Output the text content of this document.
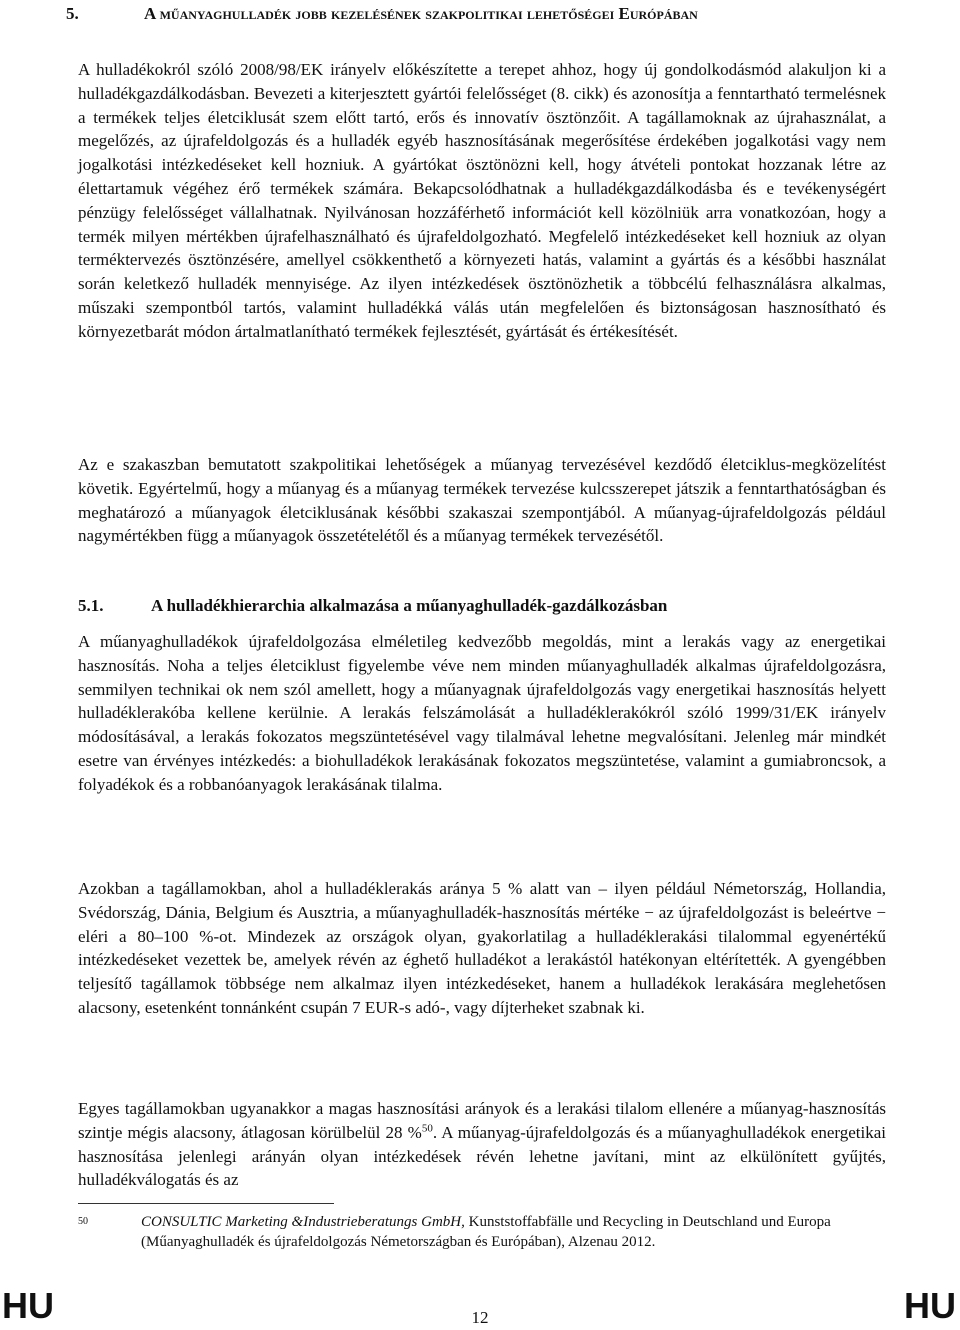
5.	A műanyaghulladék jobb kezelésének szakpolitikai lehetőségei Európában

A hulladékokról szóló 2008/98/EK irányelv előkészítette a terepet ahhoz, hogy új gondolkodásmód alakuljon ki a hulladékgazdálkodásban. Bevezeti a kiterjesztett gyártói felelősséget (8. cikk) és azonosítja a fenntartható termelésnek a termékek teljes életciklusát szem előtt tartó, erős és innovatív ösztönzőit. A tagállamoknak az újrahasználat, a megelőzés, az újrafeldolgozás és a hulladék egyéb hasznosításának megerősítése érdekében jogalkotási vagy nem jogalkotási intézkedéseket kell hozniuk. A gyártókat ösztönözni kell, hogy átvételi pontokat hozzanak létre az élettartamuk végéhez érő termékek számára. Bekapcsolódhatnak a hulladékgazdálkodásba és e tevékenységért pénzügy felelősséget vállalhatnak. Nyilvánosan hozzáférhető információt kell közölniük arra vonatkozóan, hogy a termék milyen mértékben újrafelhasználható és újrafeldolgozható. Megfelelő intézkedéseket kell hozniuk az olyan terméktervezés ösztönzésére, amellyel csökkenthető a környezeti hatás, valamint a gyártás és a későbbi használat során keletkező hulladék mennyisége. Az ilyen intézkedések ösztönözhetik a többcélú felhasználásra alkalmas, műszaki szempontból tartós, valamint hulladékká válás után megfelelően és biztonságosan hasznosítható és környezetbarát módon ártalmatlanítható termékek fejlesztését, gyártását és értékesítését.

Az e szakaszban bemutatott szakpolitikai lehetőségek a műanyag tervezésével kezdődő életciklus-megközelítést követik. Egyértelmű, hogy a műanyag és a műanyag termékek tervezése kulcsszerepet játszik a fenntarthatóságban és meghatározó a műanyagok életciklusának későbbi szakaszai szempontjából. A műanyag-újrafeldolgozás például nagymértékben függ a műanyagok összetételétől és a műanyag termékek tervezésétől.

5.1.	A hulladékhierarchia alkalmazása a műanyaghulladék-gazdálkozásban

A műanyaghulladékok újrafeldolgozása elméletileg kedvezőbb megoldás, mint a lerakás vagy az energetikai hasznosítás. Noha a teljes életciklust figyelembe véve nem minden műanyaghulladék alkalmas újrafeldolgozásra, semmilyen technikai ok nem szól amellett, hogy a műanyagnak újrafeldolgozás vagy energetikai hasznosítás helyett hulladéklerakóba kellene kerülnie. A lerakás felszámolását a hulladéklerakókról szóló 1999/31/EK irányelv módosításával, a lerakás fokozatos megszüntetésével vagy tilalmával lehetne megvalósítani. Jelenleg már mindkét esetre van érvényes intézkedés: a biohulladékok lerakásának fokozatos megszüntetése, valamint a gumiabroncsok, a folyadékok és a robbanóanyagok lerakásának tilalma.

Azokban a tagállamokban, ahol a hulladéklerakás aránya 5 % alatt van – ilyen például Németország, Hollandia, Svédország, Dánia, Belgium és Ausztria, a műanyaghulladék-hasznosítás mértéke − az újrafeldolgozást is beleértve − eléri a 80–100 %-ot. Mindezek az országok olyan, gyakorlatilag a hulladéklerakási tilalommal egyenértékű intézkedéseket vezettek be, amelyek révén az éghető hulladékot a lerakástól hatékonyan eltérítették. A gyengébben teljesítő tagállamok többsége nem alkalmaz ilyen intézkedéseket, hanem a hulladékok lerakására meglehetősen alacsony, esetenként tonnánként csupán 7 EUR-s adó-, vagy díjterheket szabnak ki.

Egyes tagállamokban ugyanakkor a magas hasznosítási arányok és a lerakási tilalom ellenére a műanyag-hasznosítás szintje mégis alacsony, átlagosan körülbelül 28 %$^{50}$. A műanyag-újrafeldolgozás és a műanyaghulladékok energetikai hasznosítása jelenlegi arányán olyan intézkedések révén lehetne javítani, mint az elkülönített gyűjtés, hulladékválogatás és az

50	CONSULTIC Marketing &Industrieberatungs GmbH, Kunststoffabfälle und Recycling in Deutschland und Europa (Műanyaghulladék és újrafeldolgozás Németországban és Európában), Alzenau 2012.
HU	12	HU
